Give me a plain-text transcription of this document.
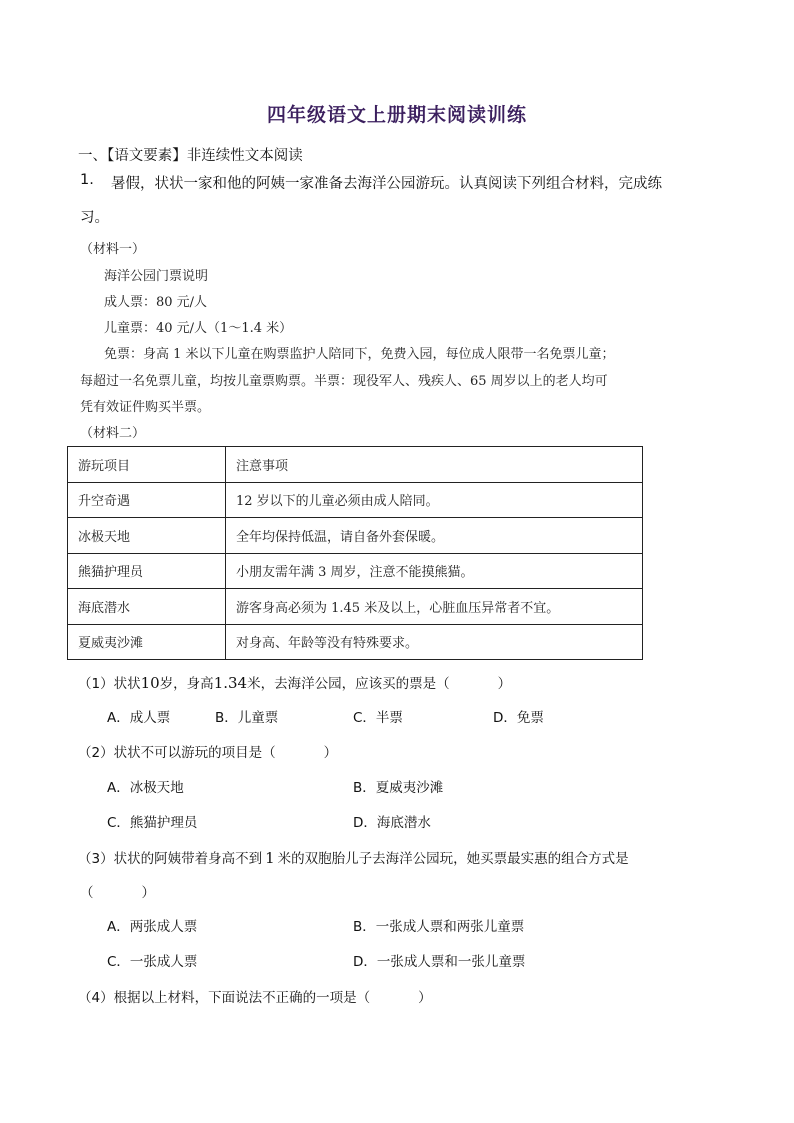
四年级语文上册期末阅读训练
一、【语文要素】非连续性文本阅读
1. 暑假，状状一家和他的阿姨一家准备去海洋公园游玩。认真阅读下列组合材料，完成练
习。
（材料一）
海洋公园门票说明
成人票：80 元/人
儿童票：40 元/人（1～1.4 米）
免票：身高 1 米以下儿童在购票监护人陪同下，免费入园，每位成人限带一名免票儿童；
每超过一名免票儿童，均按儿童票购票。半票：现役军人、残疾人、65 周岁以上的老人均可
凭有效证件购买半票。
（材料二）
游玩项目	注意事项
升空奇遇	12 岁以下的儿童必须由成人陪同。
冰极天地	全年均保持低温，请自备外套保暖。
熊猫护理员	小朋友需年满 3 周岁，注意不能摸熊猫。
海底潜水	游客身高必须为 1.45 米及以上，心脏血压异常者不宜。
夏威夷沙滩	对身高、年龄等没有特殊要求。
（1）状状10岁，身高1.34米，去海洋公园，应该买的票是（	）
A．成人票	B．儿童票	C．半票	D．免票
（2）状状不可以游玩的项目是（	）
A．冰极天地	B．夏威夷沙滩
C．熊猫护理员	D．海底潜水
（3）状状的阿姨带着身高不到 1 米的双胞胎儿子去海洋公园玩，她买票最实惠的组合方式是
（	）
A．两张成人票	B．一张成人票和两张儿童票
C．一张成人票	D．一张成人票和一张儿童票
（4）根据以上材料，下面说法不正确的一项是（	）
